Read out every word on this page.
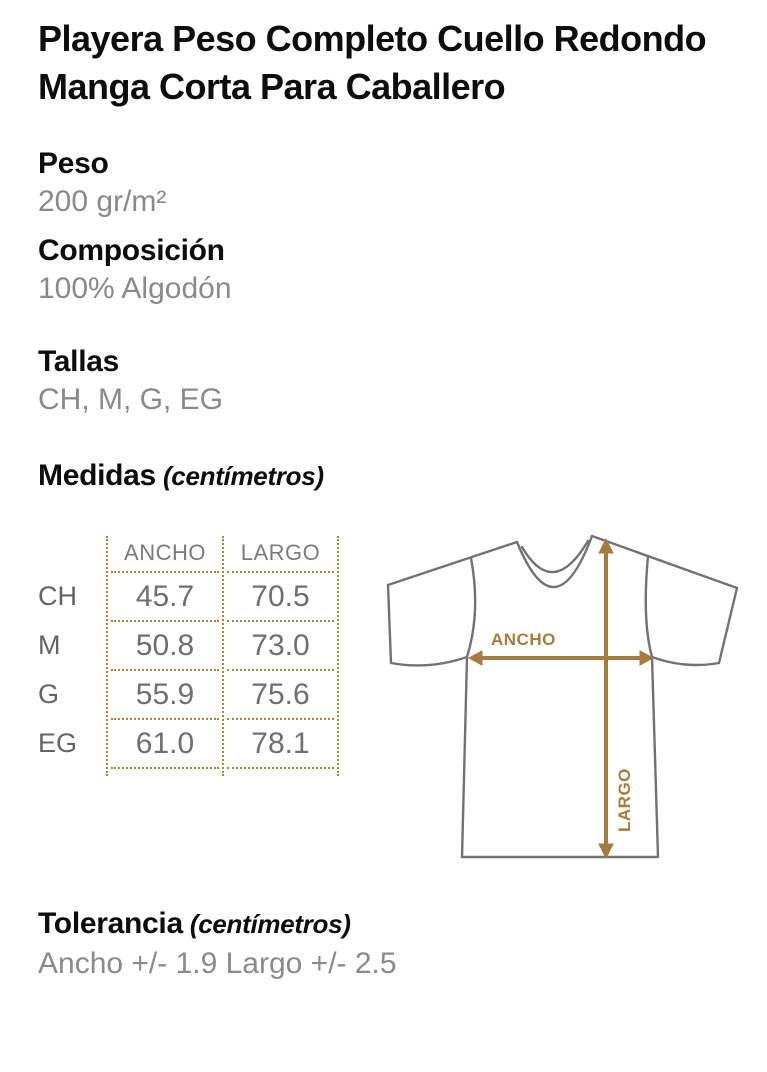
Playera Peso Completo Cuello Redondo
Manga Corta Para Caballero
Peso
200 gr/m²
Composición
100% Algodón
Tallas
CH, M, G, EG
Medidas (centímetros)
ANCHO	LARGO
CH	45.7	70.5
M	50.8	73.0
G	55.9	75.6
EG	61.0	78.1
ANCHO
LARGO
Tolerancia (centímetros)
Ancho +/- 1.9 Largo +/- 2.5
